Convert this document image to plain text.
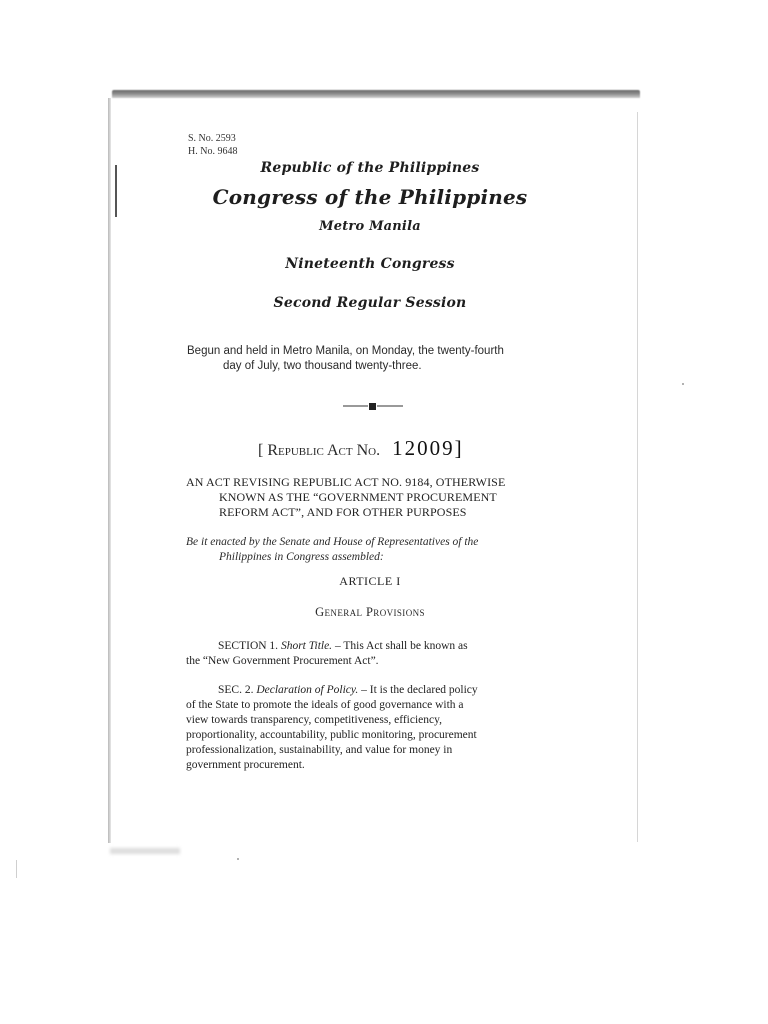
S. No. 2593
H. No. 9648
Republic of the Philippines
Congress of the Philippines
Metro Manila
Nineteenth Congress
Second Regular Session
Begun and held in Metro Manila, on Monday, the twenty-fourth
day of July, two thousand twenty-three.
[ Republic Act No. 12009]
AN ACT REVISING REPUBLIC ACT NO. 9184, OTHERWISE
KNOWN AS THE “GOVERNMENT PROCUREMENT
REFORM ACT”, AND FOR OTHER PURPOSES
Be it enacted by the Senate and House of Representatives of the
Philippines in Congress assembled:
ARTICLE I
General Provisions
SECTION 1. Short Title. – This Act shall be known as
the “New Government Procurement Act”.
SEC. 2. Declaration of Policy. – It is the declared policy
of the State to promote the ideals of good governance with a
view towards transparency, competitiveness, efficiency,
proportionality, accountability, public monitoring, procurement
professionalization, sustainability, and value for money in
government procurement.
